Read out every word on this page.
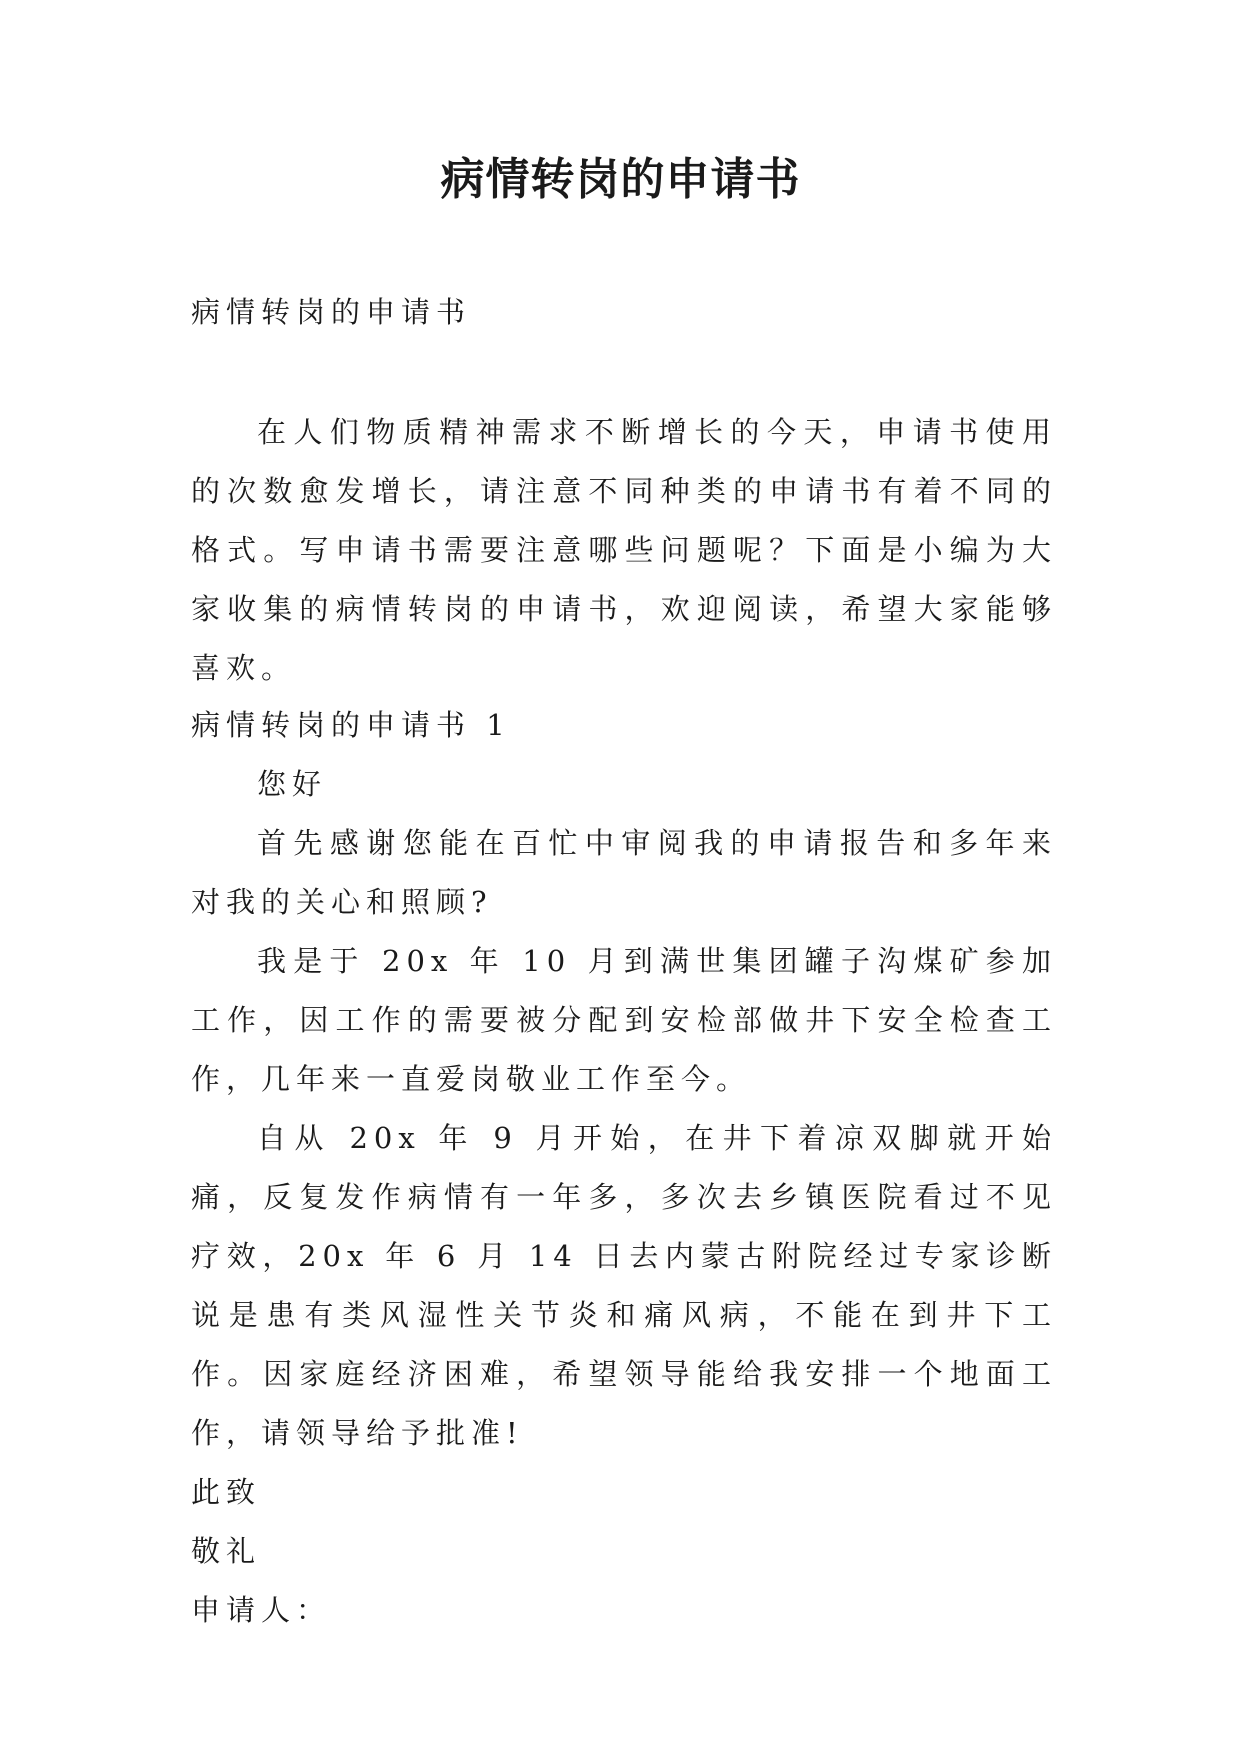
病情转岗的申请书

病情转岗的申请书

在人们物质精神需求不断增长的今天，申请书使用的次数愈发增长，请注意不同种类的申请书有着不同的格式。写申请书需要注意哪些问题呢？下面是小编为大家收集的病情转岗的申请书，欢迎阅读，希望大家能够喜欢。

病情转岗的申请书 1

您好

首先感谢您能在百忙中审阅我的申请报告和多年来对我的关心和照顾?

我是于 20x 年 10 月到满世集团罐子沟煤矿参加工作，因工作的需要被分配到安检部做井下安全检查工作，几年来一直爱岗敬业工作至今。

自从 20x 年 9 月开始，在井下着凉双脚就开始痛，反复发作病情有一年多，多次去乡镇医院看过不见疗效，20x 年 6 月 14 日去内蒙古附院经过专家诊断说是患有类风湿性关节炎和痛风病，不能在到井下工作。因家庭经济困难，希望领导能给我安排一个地面工作，请领导给予批准!

此致

敬礼

申请人：
